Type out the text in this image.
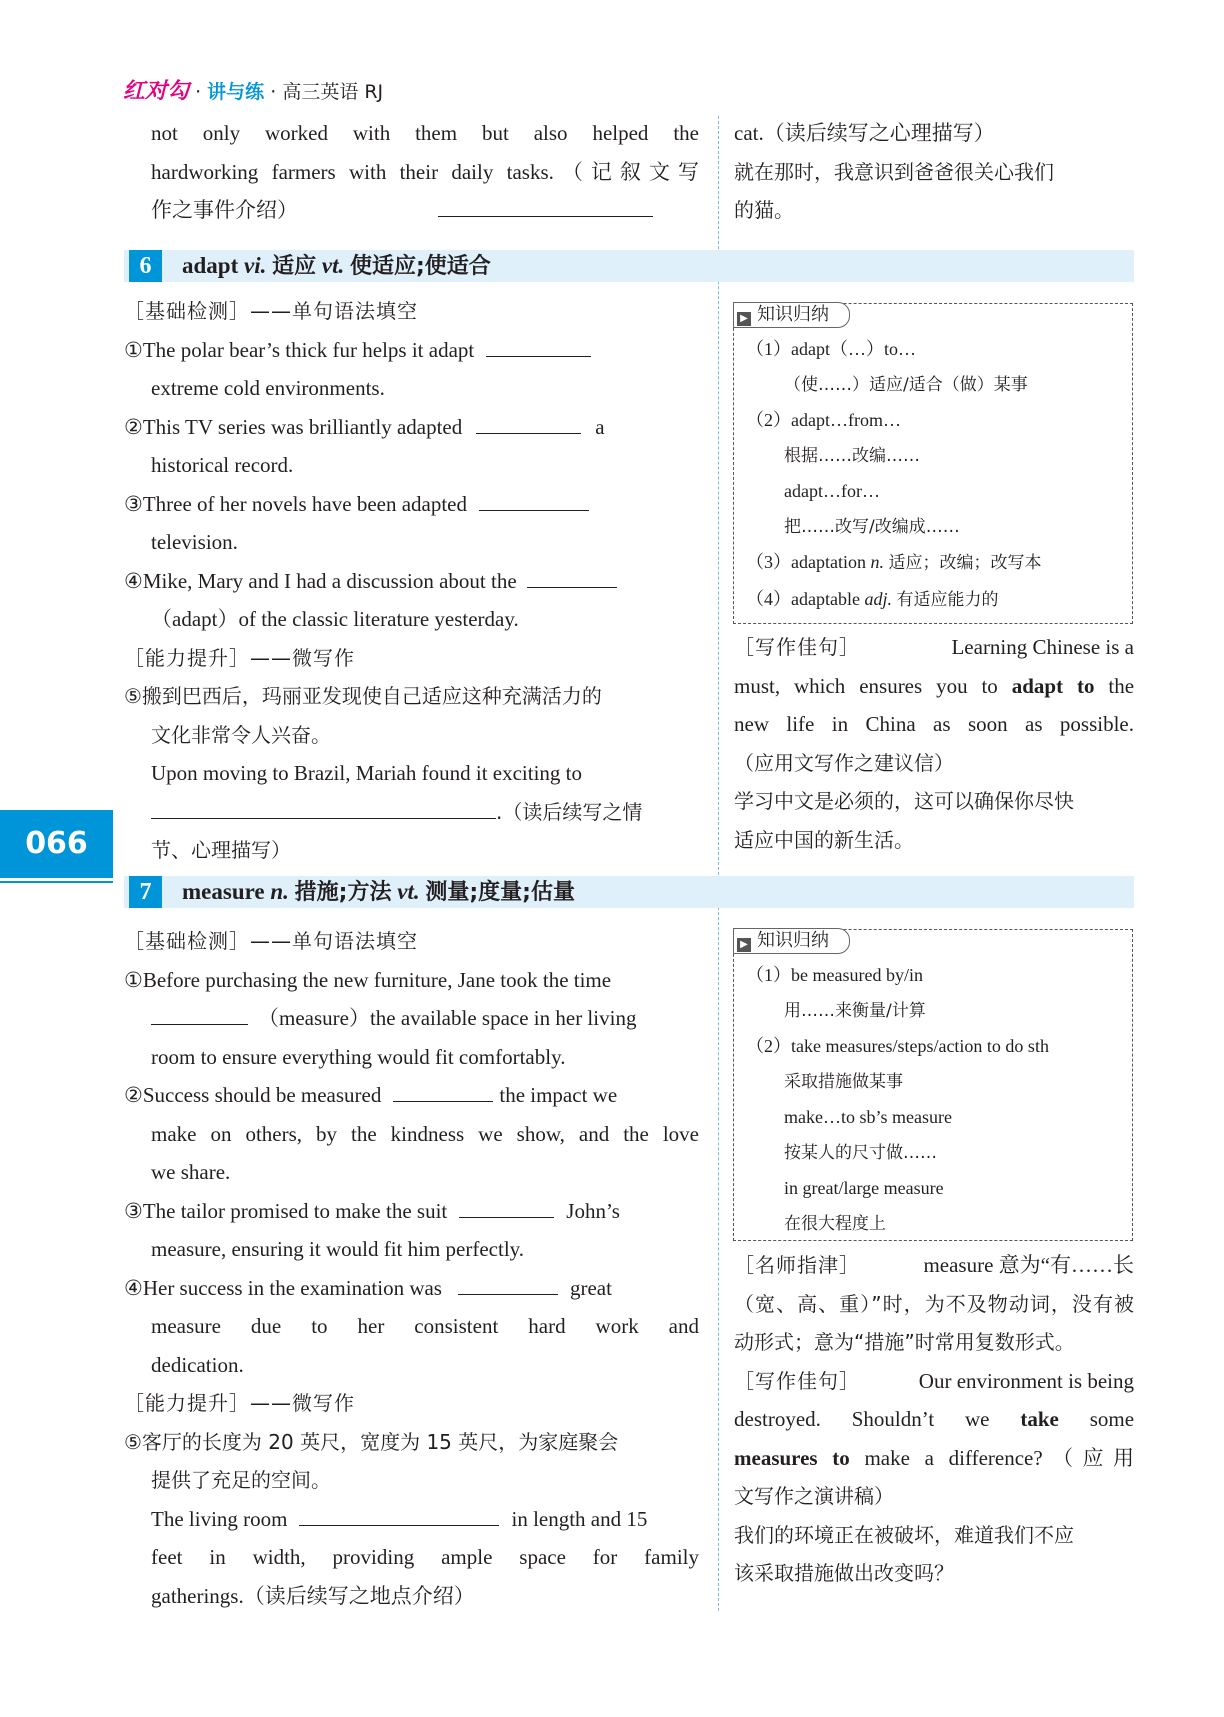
红对勾 · 讲与练 · 高三英语 RJ
066

not only worked with them but also helped the

hardworking farmers with their daily tasks.（记叙文写

作之事件介绍）

cat.（读后续写之心理描写）

就在那时，我意识到爸爸很关心我们

的猫。

6	adapt vi. 适应 vt. 使适应;使适合

［基础检测］——单句语法填空

①The polar bear’s thick fur helps it adapt

extreme cold environments.

②This TV series was brilliantly adapted	a

historical record.

③Three of her novels have been adapted

television.

④Mike, Mary and I had a discussion about the

（adapt）of the classic literature yesterday.

［能力提升］——微写作

⑤搬到巴西后，玛丽亚发现使自己适应这种充满活力的

文化非常令人兴奋。

Upon moving to Brazil, Mariah found it exciting to

.（读后续写之情

节、心理描写）

（1）adapt（…）to…
（使……）适应/适合（做）某事
（2）adapt…from…
根据……改编……
adapt…for…
把……改写/改编成……
（3）adaptation n. 适应；改编；改写本
（4）adaptable adj. 有适应能力的
▶ 知识归纳

［写作佳句］	Learning Chinese is a

must, which ensures you to adapt to the

new life in China as soon as possible.

（应用文写作之建议信）

学习中文是必须的，这可以确保你尽快

适应中国的新生活。

7	measure n. 措施;方法 vt. 测量;度量;估量

［基础检测］——单句语法填空

①Before purchasing the new furniture, Jane took the time

（measure）the available space in her living

room to ensure everything would fit comfortably.

②Success should be measured	the impact we

make on others, by the kindness we show, and the love

we share.

③The tailor promised to make the suit	John’s

measure, ensuring it would fit him perfectly.

④Her success in the examination was	great

measure due to her consistent hard work and

dedication.

［能力提升］——微写作

⑤客厅的长度为 20 英尺，宽度为 15 英尺，为家庭聚会

提供了充足的空间。

The living room	in length and 15

feet in width, providing ample space for family

gatherings.（读后续写之地点介绍）

（1）be measured by/in
用……来衡量/计算
（2）take measures/steps/action to do sth
采取措施做某事
make…to sb’s measure
按某人的尺寸做……
in great/large measure
在很大程度上
▶ 知识归纳

［名师指津］	measure 意为“有……长

（宽、高、重）”时，为不及物动词，没有被

动形式；意为“措施”时常用复数形式。

［写作佳句］	Our environment is being

destroyed. Shouldn’t we take some

measures to make a difference?（应用

文写作之演讲稿）

我们的环境正在被破坏，难道我们不应

该采取措施做出改变吗？
